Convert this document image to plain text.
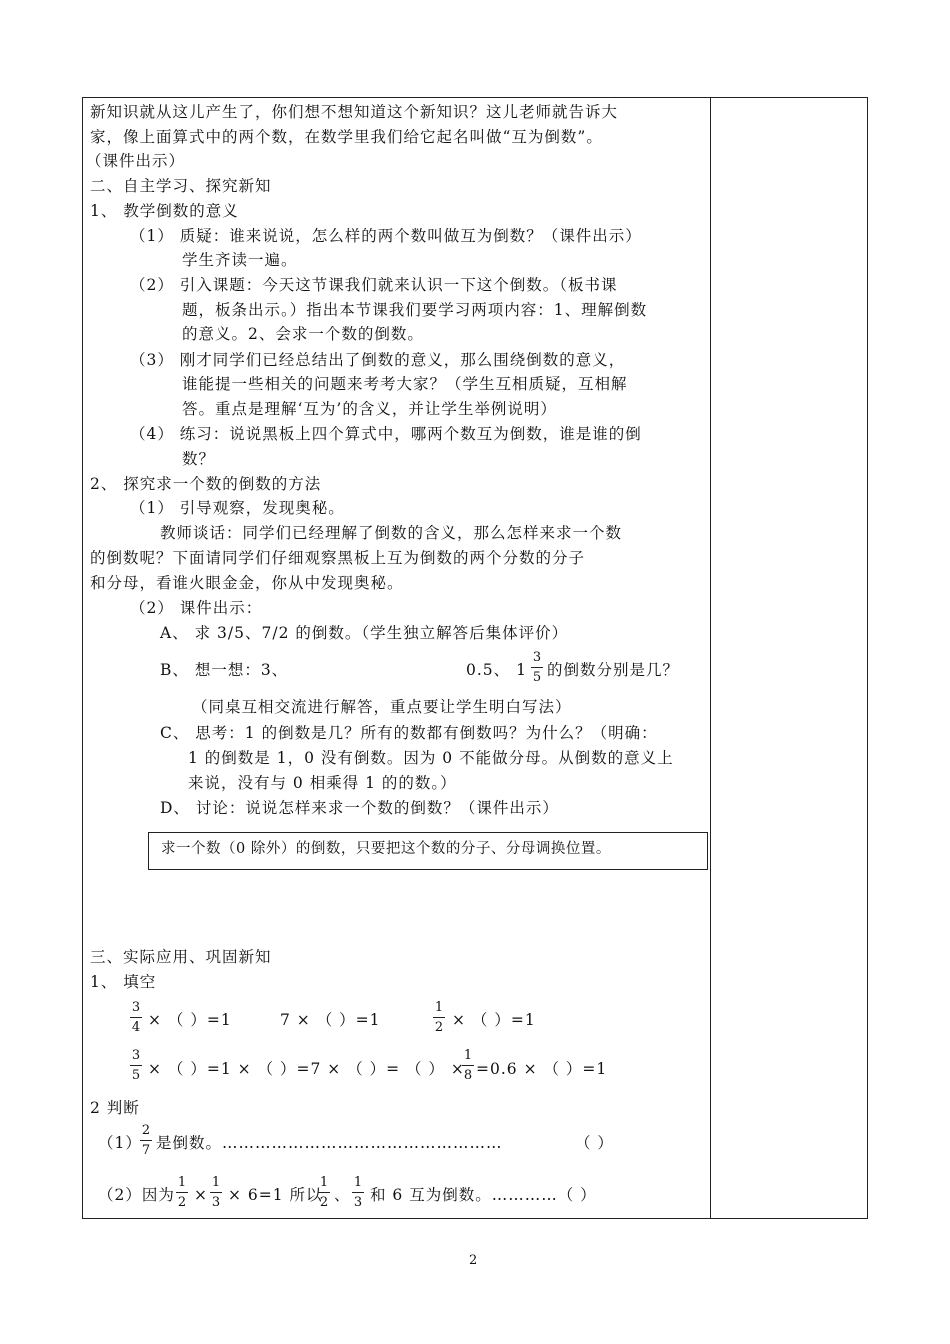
新知识就从这儿产生了，你们想不想知道这个新知识？这儿老师就告诉大
家，像上面算式中的两个数，在数学里我们给它起名叫做“互为倒数”。
（课件出示）
二、自主学习、探究新知
1、 教学倒数的意义
（1） 质疑：谁来说说，怎么样的两个数叫做互为倒数？（课件出示）
学生齐读一遍。
（2） 引入课题：今天这节课我们就来认识一下这个倒数。（板书课
题，板条出示。）指出本节课我们要学习两项内容：1、理解倒数
的意义。2、会求一个数的倒数。
（3） 刚才同学们已经总结出了倒数的意义，那么围绕倒数的意义，
谁能提一些相关的问题来考考大家？（学生互相质疑，互相解
答。重点是理解‘互为’的含义，并让学生举例说明）
（4） 练习：说说黑板上四个算式中，哪两个数互为倒数，谁是谁的倒
数？
2、 探究求一个数的倒数的方法
（1） 引导观察，发现奥秘。
教师谈话：同学们已经理解了倒数的含义，那么怎样来求一个数
的倒数呢？下面请同学们仔细观察黑板上互为倒数的两个分数的分子
和分母，看谁火眼金金，你从中发现奥秘。
（2） 课件出示：
A、 求 3/5、7/2 的倒数。（学生独立解答后集体评价）
B、 想一想：3、	0.5、 1
3
5 的倒数分别是几？
（同桌互相交流进行解答，重点要让学生明白写法）
C、 思考：1 的倒数是几？所有的数都有倒数吗？为什么？（明确：
1 的倒数是 1，0 没有倒数。因为 0 不能做分母。从倒数的意义上
来说，没有与 0 相乘得 1 的的数。）
D、 讨论：说说怎样来求一个数的倒数？（课件出示）
求一个数（0 除外）的倒数，只要把这个数的分子、分母调换位置。
三、实际应用、巩固新知
1、 填空
3
4 × （ ）=1	7 × （ ）=1
1
2 × （ ）=1
3
5 × （ ）=1 × （ ）=7 × （ ）= （ ） ×
1
8 =0.6 × （ ）=1
2 判断
（1）
2
7 是倒数。……………………………………………	（ ）
（2）因为
1
2 ×
1
3 × 6=1 所以
1
2 、
1
3 和 6 互为倒数。…………（ ）
2
